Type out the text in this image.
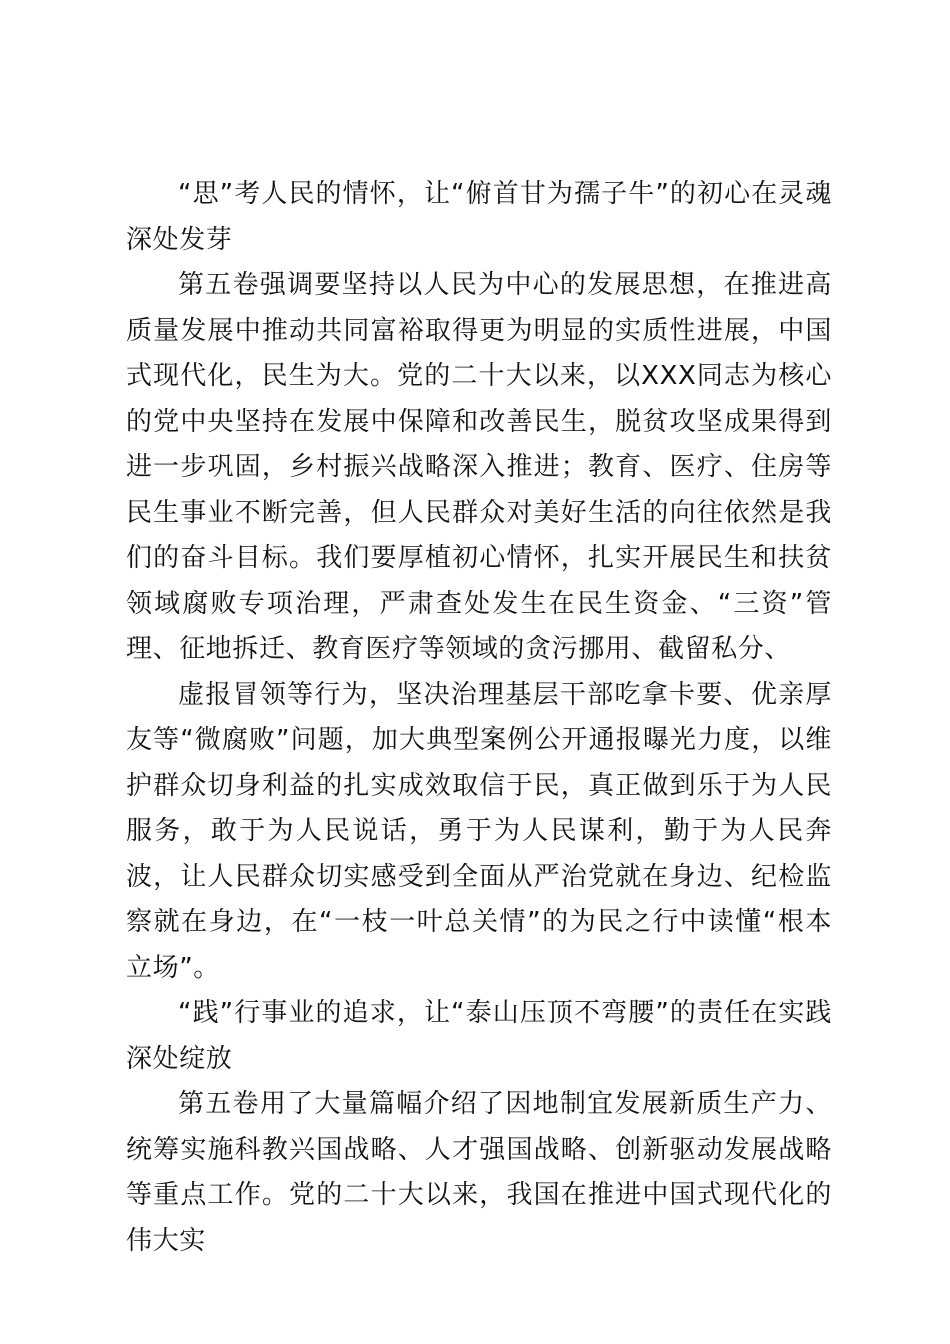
“思”考人民的情怀，让“俯首甘为孺子牛”的初心在灵魂深处发芽

第五卷强调要坚持以人民为中心的发展思想，在推进高质量发展中推动共同富裕取得更为明显的实质性进展，中国式现代化，民生为大。党的二十大以来，以XXX同志为核心的党中央坚持在发展中保障和改善民生，脱贫攻坚成果得到进一步巩固，乡村振兴战略深入推进；教育、医疗、住房等民生事业不断完善，但人民群众对美好生活的向往依然是我们的奋斗目标。我们要厚植初心情怀，扎实开展民生和扶贫领域腐败专项治理，严肃查处发生在民生资金、“三资”管理、征地拆迁、教育医疗等领域的贪污挪用、截留私分、

虚报冒领等行为，坚决治理基层干部吃拿卡要、优亲厚友等“微腐败”问题，加大典型案例公开通报曝光力度，以维护群众切身利益的扎实成效取信于民，真正做到乐于为人民服务，敢于为人民说话，勇于为人民谋利，勤于为人民奔波，让人民群众切实感受到全面从严治党就在身边、纪检监察就在身边，在“一枝一叶总关情”的为民之行中读懂“根本立场”。

“践”行事业的追求，让“泰山压顶不弯腰”的责任在实践深处绽放

第五卷用了大量篇幅介绍了因地制宜发展新质生产力、统筹实施科教兴国战略、人才强国战略、创新驱动发展战略等重点工作。党的二十大以来，我国在推进中国式现代化的伟大实
